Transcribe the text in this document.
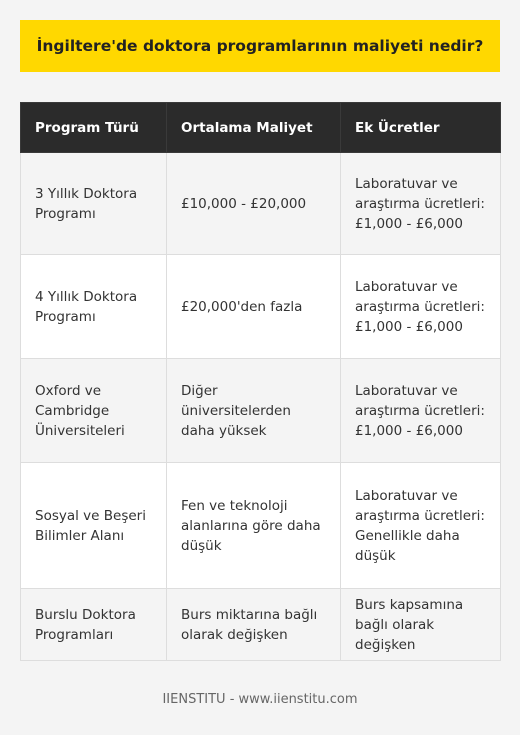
İngiltere'de doktora programlarının maliyeti nedir?
Program Türü	Ortalama Maliyet	Ek Ücretler
3 Yıllık Doktora Programı	£10,000 - £20,000	Laboratuvar ve araştırma ücretleri: £1,000 - £6,000
4 Yıllık Doktora Programı	£20,000'den fazla	Laboratuvar ve araştırma ücretleri: £1,000 - £6,000
Oxford ve Cambridge Üniversiteleri	Diğer üniversitelerden daha yüksek	Laboratuvar ve araştırma ücretleri: £1,000 - £6,000
Sosyal ve Beşeri Bilimler Alanı	Fen ve teknoloji alanlarına göre daha düşük	Laboratuvar ve araştırma ücretleri: Genellikle daha düşük
Burslu Doktora Programları	Burs miktarına bağlı olarak değişken	Burs kapsamına bağlı olarak değişken
IIENSTITU - www.iienstitu.com
